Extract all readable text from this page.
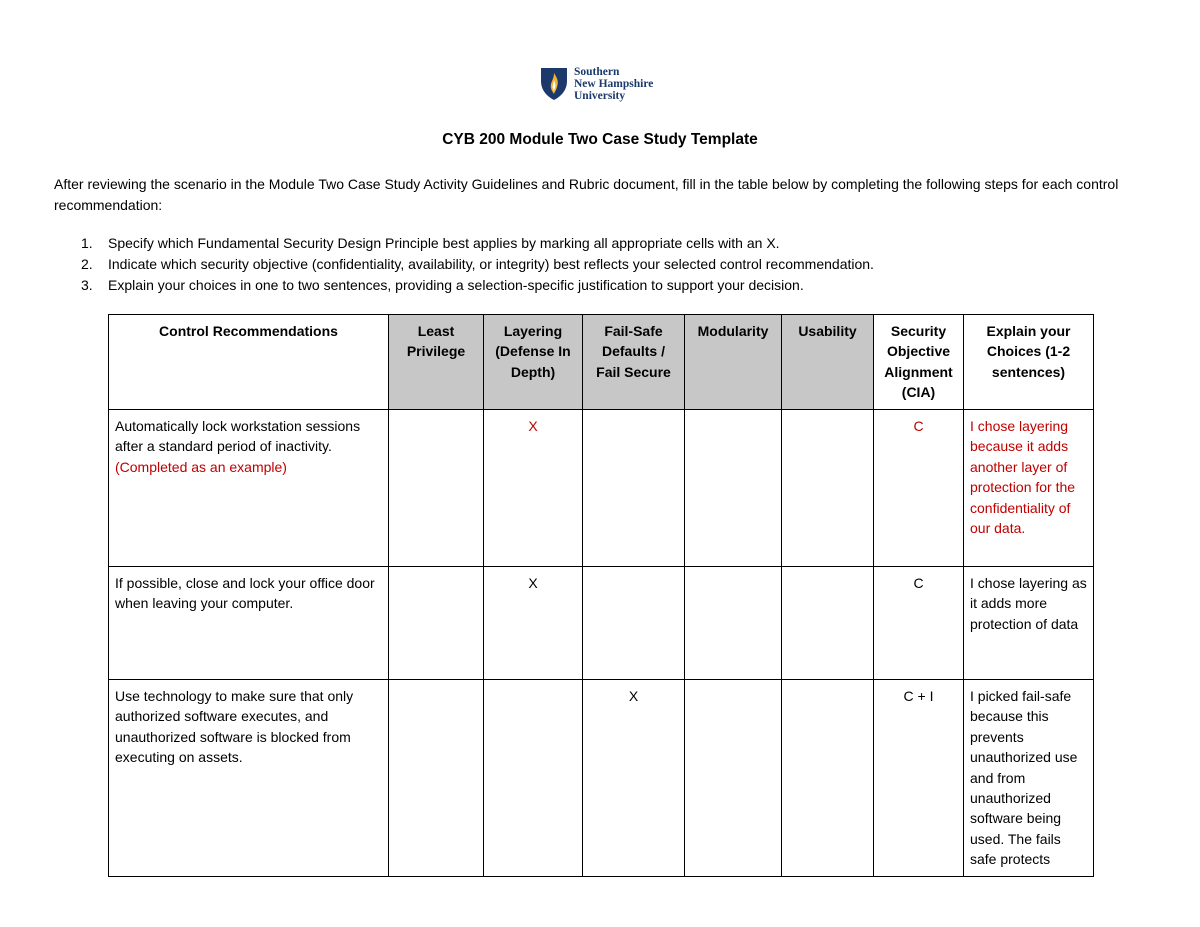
Southern
New Hampshire
University
CYB 200 Module Two Case Study Template
After reviewing the scenario in the Module Two Case Study Activity Guidelines and Rubric document, fill in the table below by completing the following steps for each control recommendation:
1.	Specify which Fundamental Security Design Principle best applies by marking all appropriate cells with an X.
2.	Indicate which security objective (confidentiality, availability, or integrity) best reflects your selected control recommendation.
3.	Explain your choices in one to two sentences, providing a selection-specific justification to support your decision.
Control Recommendations	Least Privilege	Layering (Defense In Depth)	Fail-Safe Defaults / Fail Secure	Modularity	Usability	Security Objective Alignment (CIA)	Explain your Choices (1-2 sentences)
Automatically lock workstation sessions after a standard period of inactivity. (Completed as an example)		X				C	I chose layering because it adds another layer of protection for the confidentiality of our data.
If possible, close and lock your office door when leaving your computer.		X				C	I chose layering as it adds more protection of data
Use technology to make sure that only authorized software executes, and unauthorized software is blocked from executing on assets.			X			C + I	I picked fail-safe because this prevents unauthorized use and from unauthorized software being used. The fails safe protects
